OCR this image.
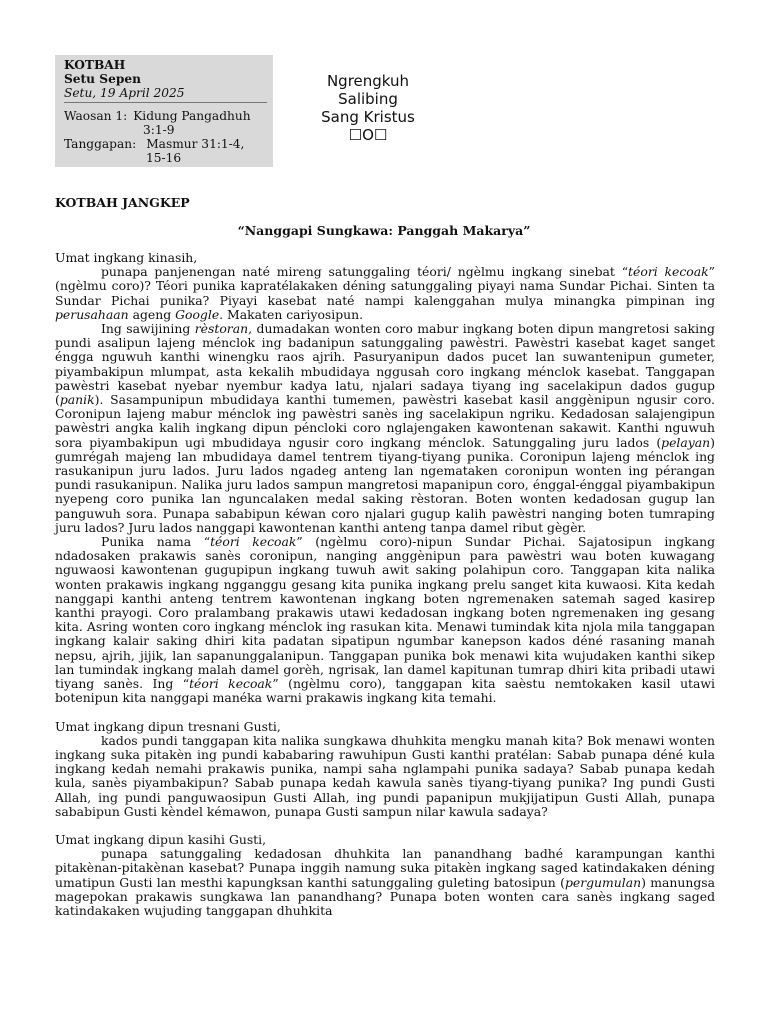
KOTBAH
Setu Sepen
Setu, 19 April 2025
Waosan 1: Kidung Pangadhuh
3:1-9
Tanggapan: Masmur 31:1-4,
15-16
Ngrengkuh
Salibing
Sang Kristus
☐O☐
KOTBAH JANGKEP
“Nanggapi Sungkawa: Panggah Makarya”

Umat ingkang kinasih,

punapa panjenengan naté mireng satunggaling téori/ ngèlmu ingkang sinebat “téori kecoak” (ngèlmu coro)? Téori punika kapratélakaken déning satunggaling piyayi nama Sundar Pichai. Sinten ta Sundar Pichai punika? Piyayi kasebat naté nampi kalenggahan mulya minangka pimpinan ing perusahaan ageng Google. Makaten cariyosipun.

Ing sawijining rèstoran, dumadakan wonten coro mabur ingkang boten dipun mangretosi saking pundi asalipun lajeng ménclok ing badanipun satunggaling pawèstri. Pawèstri kasebat kaget sanget éngga nguwuh kanthi winengku raos ajrih. Pasuryanipun dados pucet lan suwantenipun gumeter, piyambakipun mlumpat, asta kekalih mbudidaya nggusah coro ingkang ménclok kasebat. Tanggapan pawèstri kasebat nyebar nyembur kadya latu, njalari sadaya tiyang ing sacelakipun dados gugup (panik). Sasampunipun mbudidaya kanthi tumemen, pawèstri kasebat kasil anggènipun ngusir coro. Coronipun lajeng mabur ménclok ing pawèstri sanès ing sacelakipun ngriku. Kedadosan salajengipun pawèstri angka kalih ingkang dipun péncloki coro nglajengaken kawontenan sakawit. Kanthi nguwuh sora piyambakipun ugi mbudidaya ngusir coro ingkang ménclok. Satunggaling juru lados (pelayan) gumrégah majeng lan mbudidaya damel tentrem tiyang-tiyang punika. Coronipun lajeng ménclok ing rasukanipun juru lados. Juru lados ngadeg anteng lan ngemataken coronipun wonten ing pérangan pundi rasukanipun. Nalika juru lados sampun mangretosi mapanipun coro, énggal-énggal piyambakipun nyepeng coro punika lan nguncalaken medal saking rèstoran. Boten wonten kedadosan gugup lan panguwuh sora. Punapa sababipun kéwan coro njalari gugup kalih pawèstri nanging boten tumraping juru lados? Juru lados nanggapi kawontenan kanthi anteng tanpa damel ribut gègèr.

Punika nama “téori kecoak” (ngèlmu coro)-nipun Sundar Pichai. Sajatosipun ingkang ndadosaken prakawis sanès coronipun, nanging anggènipun para pawèstri wau boten kuwagang nguwaosi kawontenan gugupipun ingkang tuwuh awit saking polahipun coro. Tanggapan kita nalika wonten prakawis ingkang ngganggu gesang kita punika ingkang prelu sanget kita kuwaosi. Kita kedah nanggapi kanthi anteng tentrem kawontenan ingkang boten ngremenaken satemah saged kasirep kanthi prayogi. Coro pralambang prakawis utawi kedadosan ingkang boten ngremenaken ing gesang kita. Asring wonten coro ingkang ménclok ing rasukan kita. Menawi tumindak kita njola mila tanggapan ingkang kalair saking dhiri kita padatan sipatipun ngumbar kanepson kados déné rasaning manah nepsu, ajrih, jijik, lan sapanunggalanipun. Tanggapan punika bok menawi kita wujudaken kanthi sikep lan tumindak ingkang malah damel gorèh, ngrisak, lan damel kapitunan tumrap dhiri kita pribadi utawi tiyang sanès. Ing “téori kecoak” (ngèlmu coro), tanggapan kita saèstu nemtokaken kasil utawi botenipun kita nanggapi manéka warni prakawis ingkang kita temahi.

Umat ingkang dipun tresnani Gusti,

kados pundi tanggapan kita nalika sungkawa dhuhkita mengku manah kita? Bok menawi wonten ingkang suka pitakèn ing pundi kababaring rawuhipun Gusti kanthi pratélan: Sabab punapa déné kula ingkang kedah nemahi prakawis punika, nampi saha nglampahi punika sadaya? Sabab punapa kedah kula, sanès piyambakipun? Sabab punapa kedah kawula sanès tiyang-tiyang punika? Ing pundi Gusti Allah, ing pundi panguwaosipun Gusti Allah, ing pundi papanipun mukjijatipun Gusti Allah, punapa sababipun Gusti kèndel kémawon, punapa Gusti sampun nilar kawula sadaya?

Umat ingkang dipun kasihi Gusti,

punapa satunggaling kedadosan dhuhkita lan panandhang badhé karampungan kanthi pitakènan-pitakènan kasebat? Punapa inggih namung suka pitakèn ingkang saged katindakaken déning umatipun Gusti lan mesthi kapungksan kanthi satunggaling guleting batosipun (pergumulan) manungsa magepokan prakawis sungkawa lan panandhang? Punapa boten wonten cara sanès ingkang saged katindakaken wujuding tanggapan dhuhkita
